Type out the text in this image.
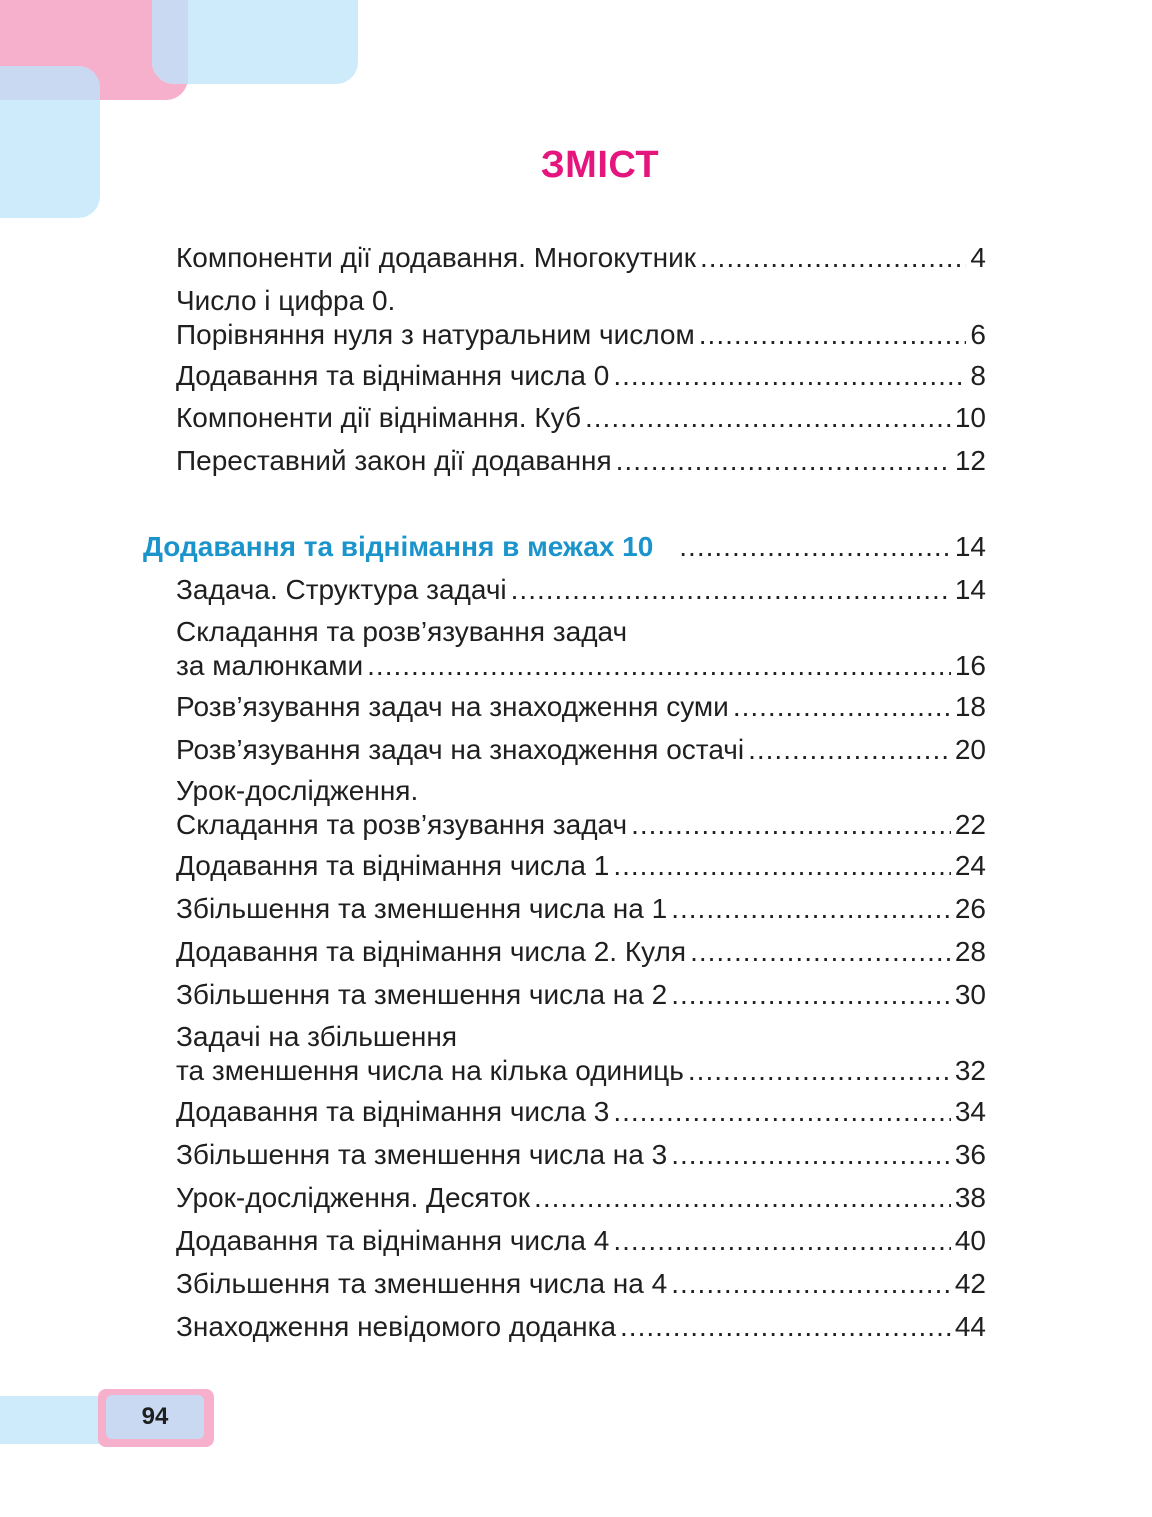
ЗМІСТ
Компоненти дії додавання. Многокутник .....	4
Число і цифра 0.
Порівняння нуля з натуральним числом .....	6
Додавання та віднімання числа 0 .....	8
Компоненти дії віднімання. Куб .....	10
Переставний закон дії додавання .....	12
Додавання та віднімання в межах 10 .....	14
Задача. Структура задачі .....	14
Складання та розв’язування задач
за малюнками .....	16
Розв’язування задач на знаходження суми .....	18
Розв’язування задач на знаходження остачі .....	20
Урок-дослідження.
Складання та розв’язування задач .....	22
Додавання та віднімання числа 1 .....	24
Збільшення та зменшення числа на 1 .....	26
Додавання та віднімання числа 2. Куля .....	28
Збільшення та зменшення числа на 2 .....	30
Задачі на збільшення
та зменшення числа на кілька одиниць .....	32
Додавання та віднімання числа 3 .....	34
Збільшення та зменшення числа на 3 .....	36
Урок-дослідження. Десяток .....	38
Додавання та віднімання числа 4 .....	40
Збільшення та зменшення числа на 4 .....	42
Знаходження невідомого доданка .....	44
94
